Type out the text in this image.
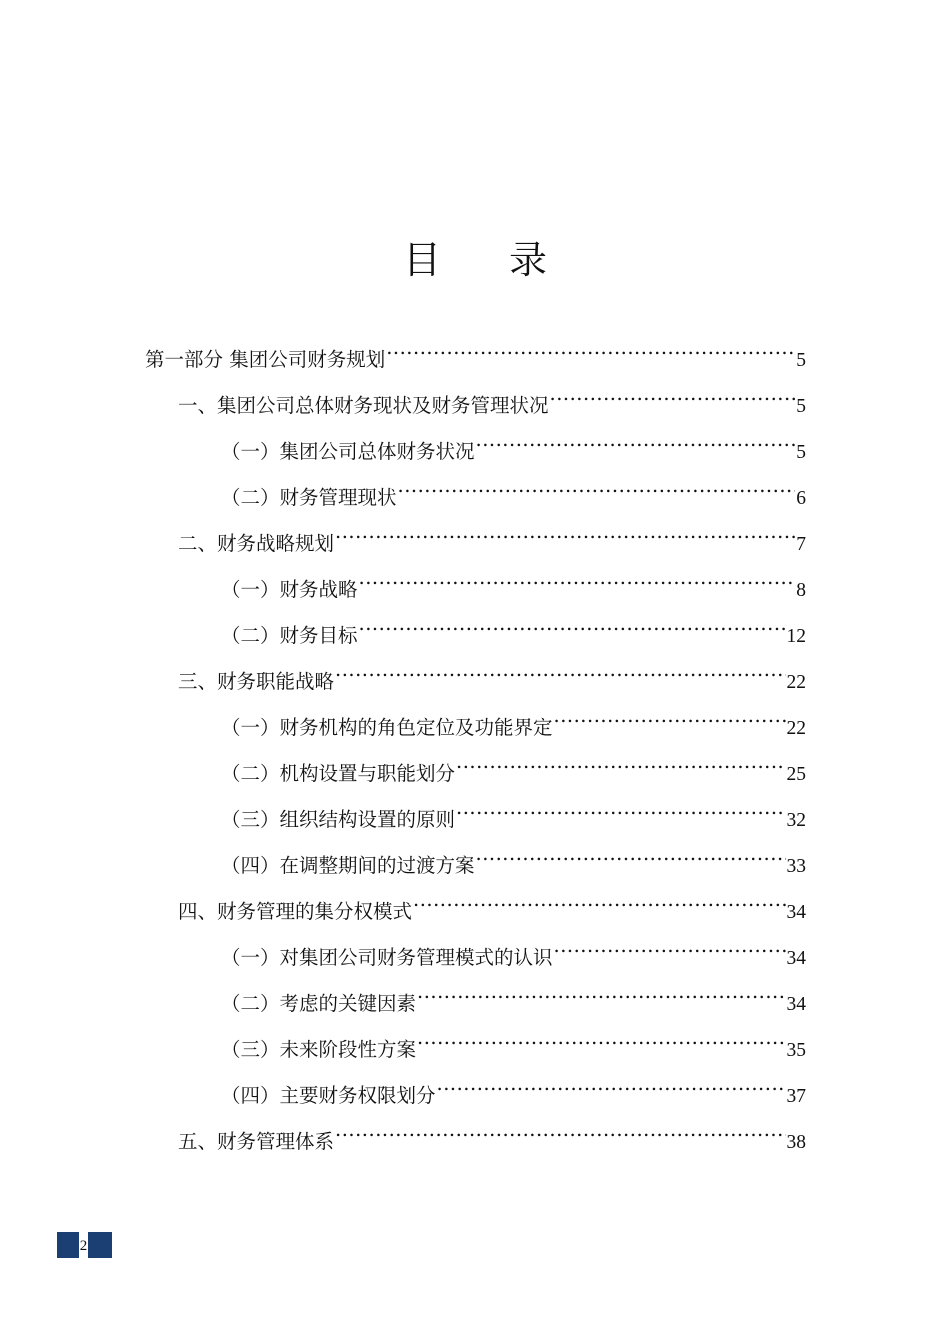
目 录
第一部分 集团公司财务规划 .....	5
一、集团公司总体财务现状及财务管理状况 .....	5
（一）集团公司总体财务状况 .....	5
（二）财务管理现状 .....	6
二、财务战略规划 .....	7
（一）财务战略 .....	8
（二）财务目标 .....	12
三、财务职能战略 .....	22
（一）财务机构的角色定位及功能界定 .....	22
（二）机构设置与职能划分 .....	25
（三）组织结构设置的原则 .....	32
（四）在调整期间的过渡方案 .....	33
四、财务管理的集分权模式 .....	34
（一）对集团公司财务管理模式的认识 .....	34
（二）考虑的关键因素 .....	34
（三）未来阶段性方案 .....	35
（四）主要财务权限划分 .....	37
五、财务管理体系 .....	38
2
